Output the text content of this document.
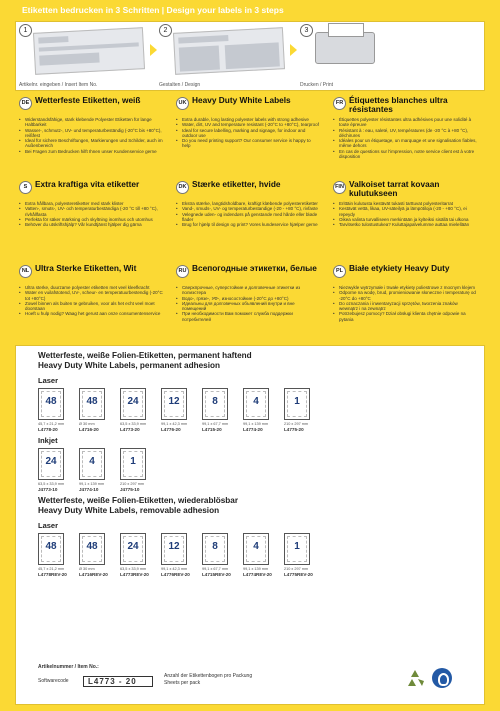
Etiketten bedrucken in 3 Schritten | Design your labels in 3 steps
1
Artikelnr. eingeben / Insert Item No.
2
Gestalten / Design
3
Drucken / Print
DE Wetterfeste Etiketten, weiß
• Widerstandsfähige, stark klebende Polyester Etiketten für lange Haltbarkeit
• Wasser-, schmutz-, UV- und temperaturbeständig (-20°C bis +80°C), reißfest
• Ideal für sichere Beschriftungen, Markierungen und Schilder, auch im Außenbereich
• Bei Fragen zum Bedrucken hilft Ihnen unser Kundenservice gerne
UK Heavy Duty White Labels
• Extra durable, long lasting polyester labels with strong adhesive
• Water, dirt, UV and temperature resistant (-20°C to +80°C), tearproof
• Ideal for secure labelling, marking and signage, for indoor and outdoor use
• Do you need printing support? Our consumer service is happy to help
FR Étiquettes blanches ultra résistantes
• Étiquettes polyester résistantes ultra adhésives pour une solidité à toute épreuve
• Résistant à : eau, saleté, UV, températures (de -20 °C à +80 °C), déchirures
• Idéales pour un étiquetage, un marquage et une signalisation fiables, même dehors
• En cas de questions sur l'impression, notre service client est à votre disposition
S Extra kraftiga vita etiketter
• Extra hållbara, polyesteretiketter med stark klister
• Vatten-, smuts-, UV- och temperaturbeständiga (-20 °C till +80 °C), rivhållfasta
• Perfekta för säker märkning och skyltning inomhus och utomhus
• Behöver du utskriftshjälp? Vår kundtjänst hjälper dig gärna
DK Stærke etiketter, hvide
• Ekstra stærke, langtidsholdbare, kraftigt klæbende polyesteretiketter
• Vand-, smuds-, UV- og temperaturbestandige (-20 - +80 °C), rivfaste
• Velegnede uden- og indendørs på genstande med hårde eller bløde flader
• Brug for hjælp til design og print? Vores kundeservice hjælper gerne
FIN Valkoiset tarrat kovaan kulutukseen
• Erittäin kulutusta kestävät tukasti tarttuvat polyesteritarrat
• Kestävät vettä, likaa, UV-säteilyä ja lämpötiloja (-20 - +80 °C), ei repeydy
• Oikea valinta turvalliseen merkintään ja kylteiksi sisällä tai ulkona
• Tarvitsetko tulostustukea? Kuluttajapalvelumme auttaa mielellään
NL Ultra Sterke Etiketten, Wit
• Ultra sterke, duurzame polyester etiketten met veel kleefkracht
• Water en vuilafstotend, UV-, scheur- en temperatuurbestendig (-20°C tot +80°C)
• Zowel binnen als buiten te gebruiken, voor als het echt veel moet doorstaan
• Hoeft u hulp nodig? Waag het gerust aan onze consumentenservice
RU Всепогодные этикетки, белые
• Сверхпрочные, суперстойкие и долговечные этикетки из полиэстера
• Водо-, грязе-, УФ-, износостойкие (-20°C до +80°C)
• Идеальны для долговечных объявлений внутри и вне помещений
• При необходимости Вам поможет служба поддержки потребителей
PL Białe etykiety Heavy Duty
• Niezwykle wytrzymałe i trwałe etykiety poliestrowe z mocnym klejem
• Odporne na wodę, brud, promieniowanie słoneczne i temperaturę od -20°C do +80°C
• Do oznaczania i inwentaryzacji sprzętów, tworzenia znaków wewnątrz i na zewnątrz
• Potrzebujesz pomocy? Dział obsługi klienta chętnie odpowie na pytania
Wetterfeste, weiße Folien-Etiketten, permanent haftend
Heavy Duty White Labels, permanent adhesion
Laser
48
45,7 x 21,2 mm
L4778-20
48
Ø 30 mm
L4716-20
24
63,5 x 33,9 mm
L4773-20
12
99,1 x 42,3 mm
L4776-20
8
99,1 x 67,7 mm
L4715-20
4
99,1 x 139 mm
L4774-20
1
210 x 297 mm
L4775-20
Inkjet
24
63,5 x 33,9 mm
J4773-10
4
99,1 x 139 mm
J4774-10
1
210 x 297 mm
J4775-10
Wetterfeste, weiße Folien-Etiketten, wiederablösbar
Heavy Duty White Labels, removable adhesion
Laser
48
45,7 x 21,2 mm
L4778REV-20
48
Ø 30 mm
L4716REV-20
24
63,5 x 33,9 mm
L4773REV-20
12
99,1 x 42,3 mm
L4776REV-20
8
99,1 x 67,7 mm
L4715REV-20
4
99,1 x 139 mm
L4774REV-20
1
210 x 297 mm
L4775REV-20
Artikelnummer / Item No.:
Softwarecode	L4773 - 20
Anzahl der Etikettenbogen pro Packung
Sheets per pack
